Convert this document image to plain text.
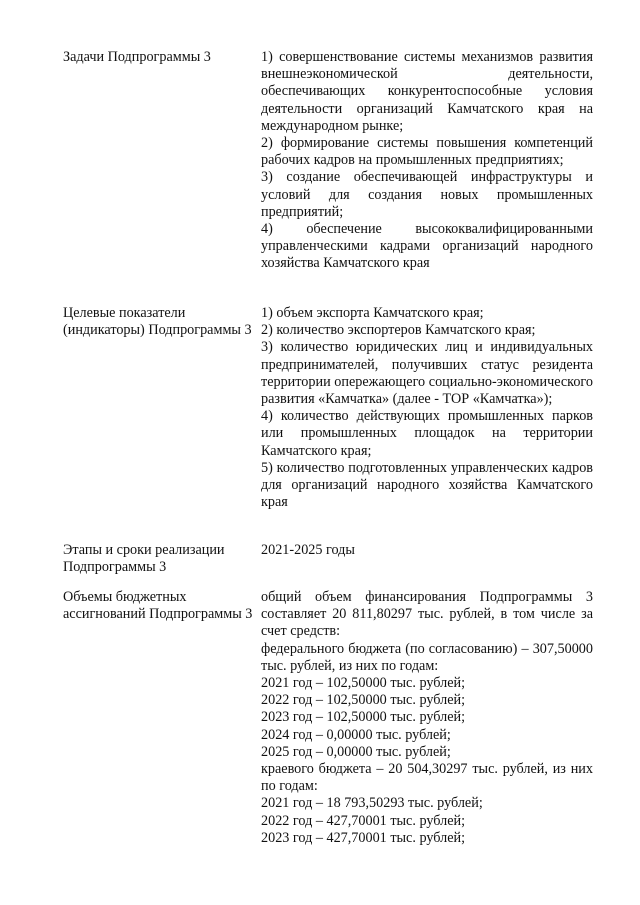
Задачи Подпрограммы 3	1) совершенствование системы механизмов развития внешнеэкономической деятельности, обеспечивающих конкурентоспособные условия деятельности организаций Камчатского края на международном рынке;

2) формирование системы повышения компетенций рабочих кадров на промышленных предприятиях;

3) создание обеспечивающей инфраструктуры и условий для создания новых промышленных предприятий;

4) обеспечение высококвалифицированными управленческими кадрами организаций народного хозяйства Камчатского края

Целевые показатели (индикаторы) Подпрограммы 3

1) объем экспорта Камчатского края;

2) количество экспортеров Камчатского края;

3) количество юридических лиц и индивидуальных предпринимателей, получивших статус резидента территории опережающего социально-экономического развития «Камчатка» (далее - ТОР «Камчатка»);

4) количество действующих промышленных парков или промышленных площадок на территории Камчатского края;

5) количество подготовленных управленческих кадров для организаций народного хозяйства Камчатского края

Этапы и сроки реализации Подпрограммы 3

2021-2025 годы

Объемы бюджетных ассигнований Подпрограммы 3

общий объем финансирования Подпрограммы 3 составляет 20 811,80297 тыс. рублей, в том числе за счет средств:

федерального бюджета (по согласованию) – 307,50000 тыс. рублей, из них по годам:

2021 год – 102,50000 тыс. рублей;

2022 год – 102,50000 тыс. рублей;

2023 год – 102,50000 тыс. рублей;

2024 год – 0,00000 тыс. рублей;

2025 год – 0,00000 тыс. рублей;

краевого бюджета – 20 504,30297 тыс. рублей, из них по годам:

2021 год – 18 793,50293 тыс. рублей;

2022 год – 427,70001 тыс. рублей;

2023 год – 427,70001 тыс. рублей;
